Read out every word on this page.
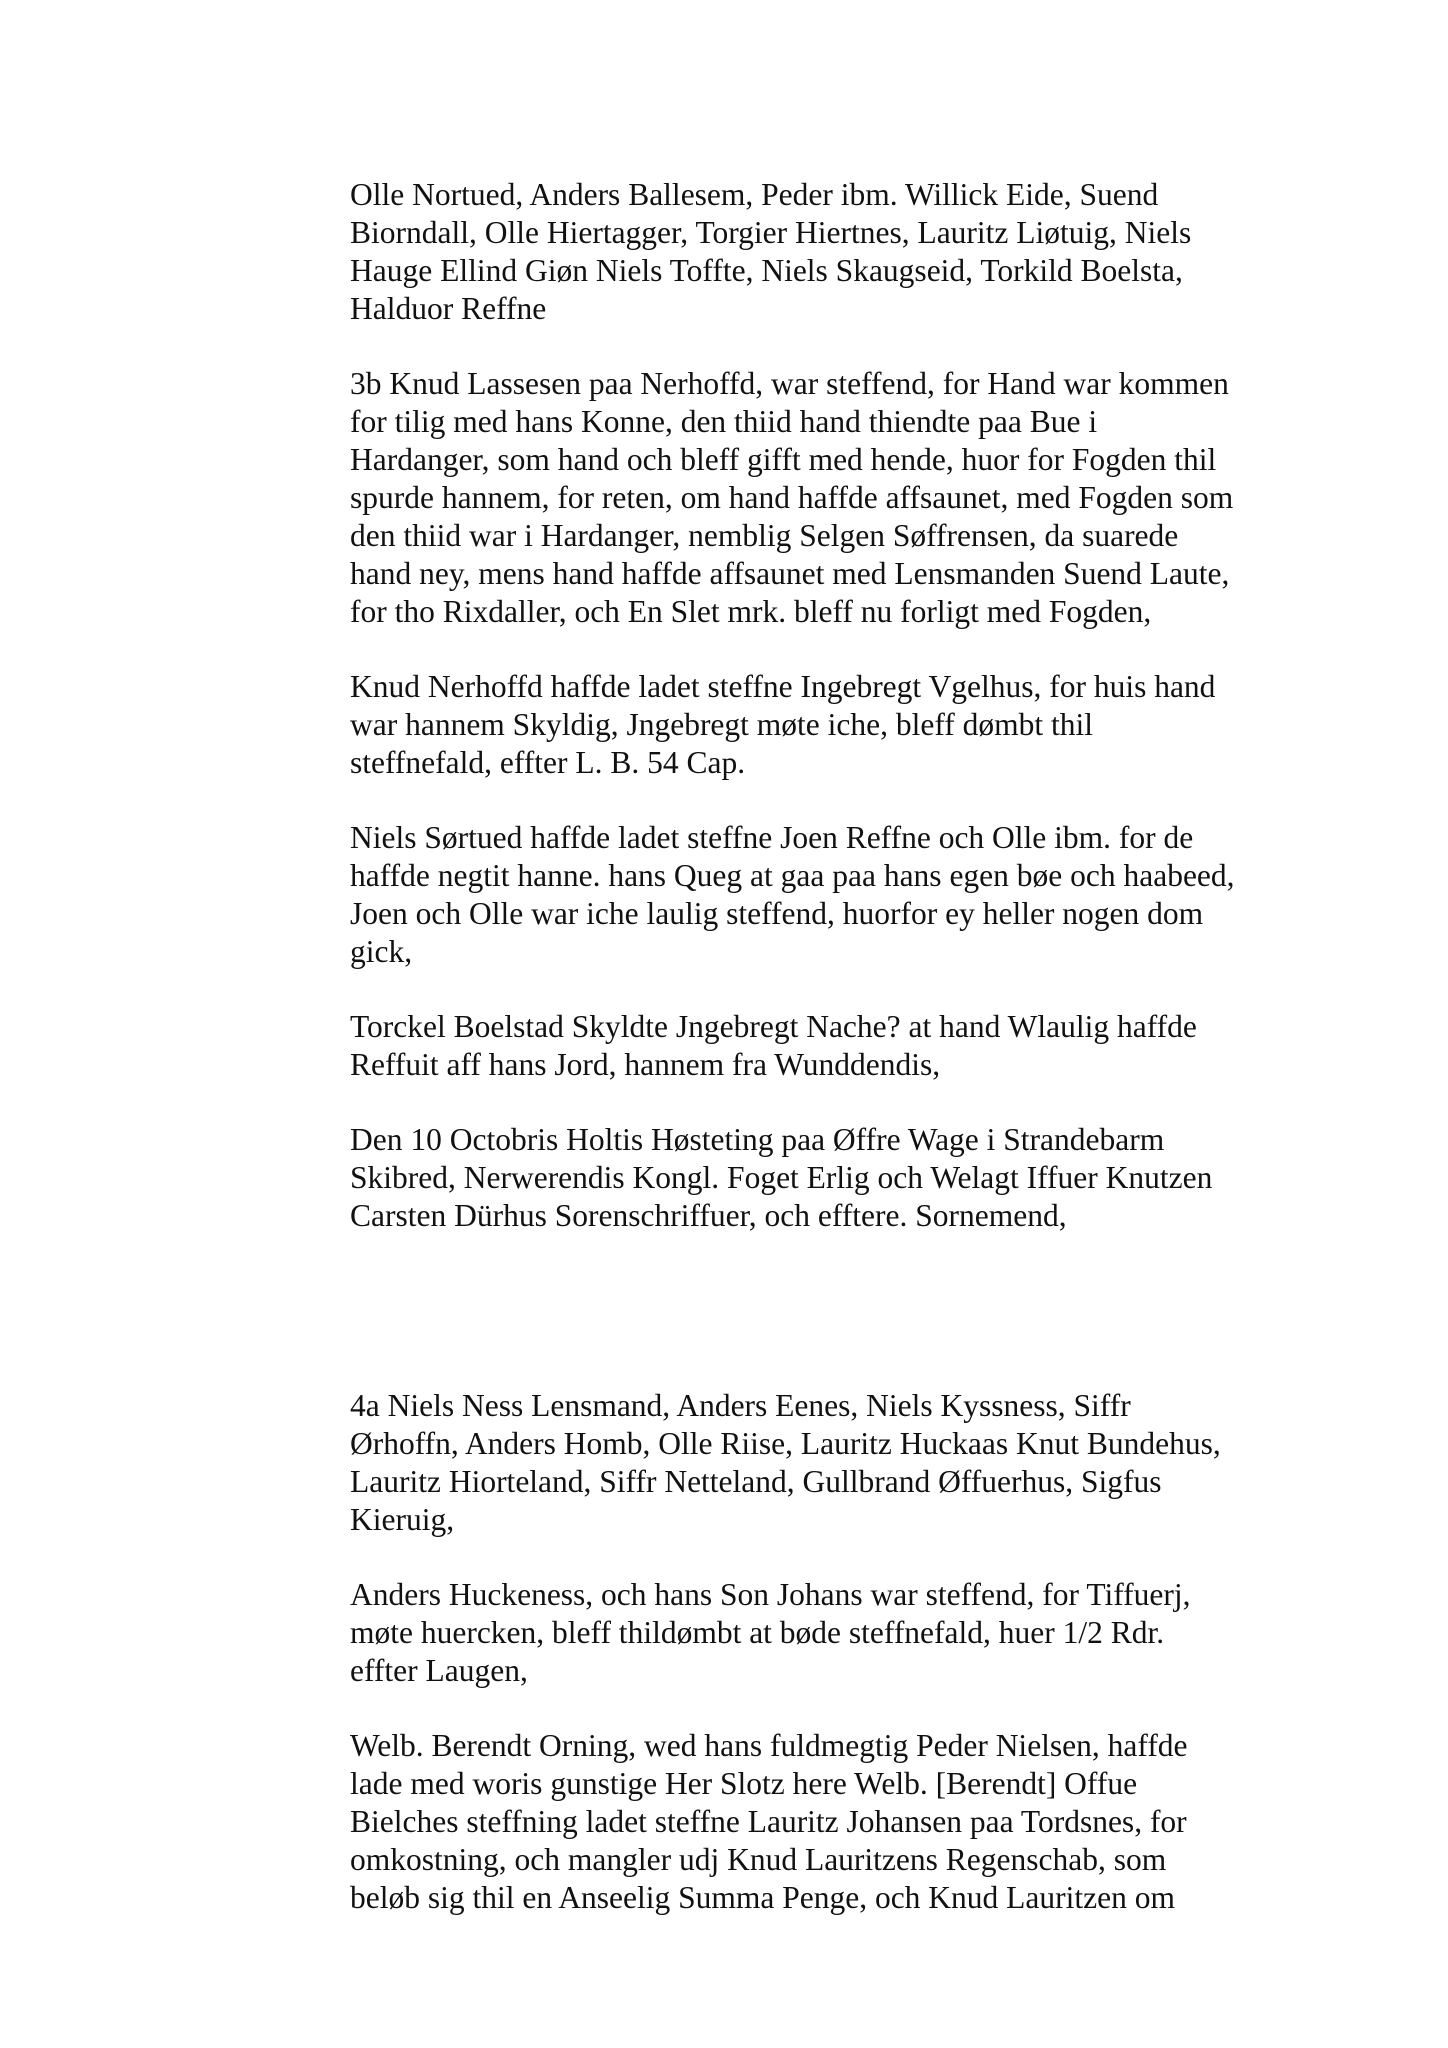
Olle Nortued, Anders Ballesem, Peder ibm. Willick Eide, Suend
Biorndall, Olle Hiertagger, Torgier Hiertnes, Lauritz Liøtuig, Niels
Hauge Ellind Giøn Niels Toffte, Niels Skaugseid, Torkild Boelsta,
Halduor Reffne

3b Knud Lassesen paa Nerhoffd, war steffend, for Hand war kommen
for tilig med hans Konne, den thiid hand thiendte paa Bue i
Hardanger, som hand och bleff gifft med hende, huor for Fogden thil
spurde hannem, for reten, om hand haffde affsaunet, med Fogden som
den thiid war i Hardanger, nemblig Selgen Søffrensen, da suarede
hand ney, mens hand haffde affsaunet med Lensmanden Suend Laute,
for tho Rixdaller, och En Slet mrk. bleff nu forligt med Fogden,

Knud Nerhoffd haffde ladet steffne Ingebregt Vgelhus, for huis hand
war hannem Skyldig, Jngebregt møte iche, bleff dømbt thil
steffnefald, effter L. B. 54 Cap.

Niels Sørtued haffde ladet steffne Joen Reffne och Olle ibm. for de
haffde negtit hanne. hans Queg at gaa paa hans egen bøe och haabeed,
Joen och Olle war iche laulig steffend, huorfor ey heller nogen dom
gick,

Torckel Boelstad Skyldte Jngebregt Nache? at hand Wlaulig haffde
Reffuit aff hans Jord, hannem fra Wunddendis,

Den 10 Octobris Holtis Høsteting paa Øffre Wage i Strandebarm
Skibred, Nerwerendis Kongl. Foget Erlig och Welagt Iffuer Knutzen
Carsten Dürhus Sorenschriffuer, och efftere. Sornemend,

4a Niels Ness Lensmand, Anders Eenes, Niels Kyssness, Siffr
Ørhoffn, Anders Homb, Olle Riise, Lauritz Huckaas Knut Bundehus,
Lauritz Hiorteland, Siffr Netteland, Gullbrand Øffuerhus, Sigfus
Kieruig,

Anders Huckeness, och hans Son Johans war steffend, for Tiffuerj,
møte huercken, bleff thildømbt at bøde steffnefald, huer 1/2 Rdr.
effter Laugen,

Welb. Berendt Orning, wed hans fuldmegtig Peder Nielsen, haffde
lade med woris gunstige Her Slotz here Welb. [Berendt] Offue
Bielches steffning ladet steffne Lauritz Johansen paa Tordsnes, for
omkostning, och mangler udj Knud Lauritzens Regenschab, som
beløb sig thil en Anseelig Summa Penge, och Knud Lauritzen om
